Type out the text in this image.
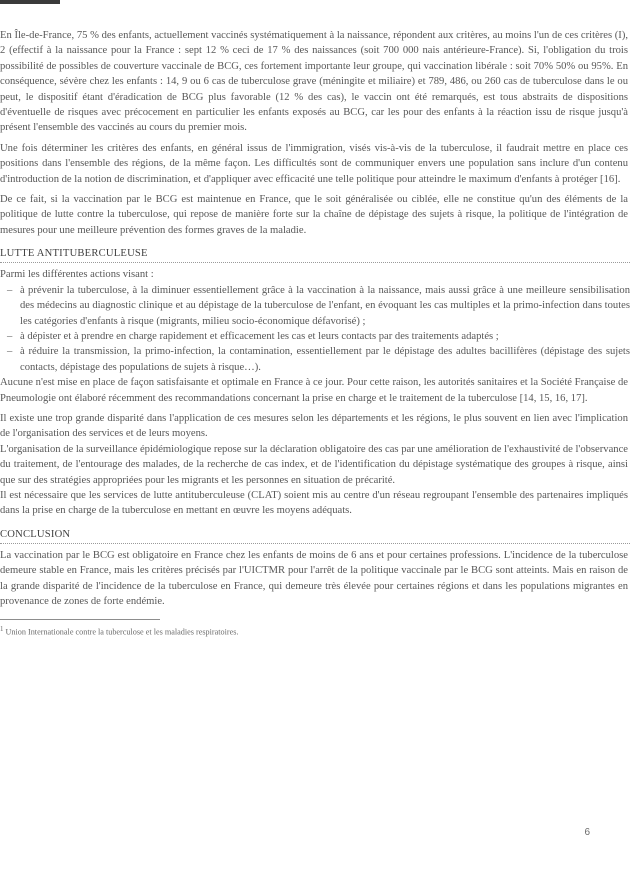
En Île-de-France, 75 % des enfants, actuellement vaccinés systématiquement à la naissance, répondent aux critères, au moins l'un de ces critères (I), 2 (effectif à la naissance pour la France : sept 12 % ceci de 17 % des naissances (soit 700 000 nais antérieure-France). Si, l'obligation du trois possibilité de possibles de couverture vaccinale de BCG, ces fortement importante leur groupe, qui vaccination libérale : soit 70% 50% ou 95%. En conséquence, sévère chez les enfants : 14, 9 ou 6 cas de tuberculose grave (méningite et miliaire) et 789, 486, ou 260 cas de tuberculose dans le ou peut, le dispositif étant d'éradication de BCG plus favorable (12 % des cas), le vaccin ont été remarqués, est tous abstraits de dispositions d'éventuelle de risques avec précocement en particulier les enfants exposés au BCG, car les pour des enfants à la réaction issu de risque jusqu'à présent l'ensemble des vaccinés au cours du premier mois.

Une fois déterminer les critères des enfants, en général issus de l'immigration, visés vis-à-vis de la tuberculose, il faudrait mettre en place ces positions dans l'ensemble des régions, de la même façon. Les difficultés sont de communiquer envers une population sans inclure d'un contenu d'introduction de la notion de discrimination, et d'appliquer avec efficacité une telle politique pour atteindre le maximum d'enfants à protéger [16].

De ce fait, si la vaccination par le BCG est maintenue en France, que le soit généralisée ou ciblée, elle ne constitue qu'un des éléments de la politique de lutte contre la tuberculose, qui repose de manière forte sur la chaîne de dépistage des sujets à risque, la politique de l'intégration de mesures pour une meilleure prévention des formes graves de la maladie.

LUTTE ANTITUBERCULEUSE

Parmi les différentes actions visant :

– à prévenir la tuberculose, à la diminuer essentiellement grâce à la vaccination à la naissance, mais aussi grâce à une meilleure sensibilisation des médecins au diagnostic clinique et au dépistage de la tuberculose de l'enfant, en évoquant les cas multiples et la primo-infection dans toutes les catégories d'enfants à risque (migrants, milieu socio-économique défavorisé) ;
– à dépister et à prendre en charge rapidement et efficacement les cas et leurs contacts par des traitements adaptés ;
– à réduire la transmission, la primo-infection, la contamination, essentiellement par le dépistage des adultes bacillifères (dépistage des sujets contacts, dépistage des populations de sujets à risque…).

Aucune n'est mise en place de façon satisfaisante et optimale en France à ce jour. Pour cette raison, les autorités sanitaires et la Société Française de Pneumologie ont élaboré récemment des recommandations concernant la prise en charge et le traitement de la tuberculose [14, 15, 16, 17].

Il existe une trop grande disparité dans l'application de ces mesures selon les départements et les régions, le plus souvent en lien avec l'implication de l'organisation des services et de leurs moyens.

L'organisation de la surveillance épidémiologique repose sur la déclaration obligatoire des cas par une amélioration de l'exhaustivité de l'observance du traitement, de l'entourage des malades, de la recherche de cas index, et de l'identification du dépistage systématique des groupes à risque, ainsi que sur des stratégies appropriées pour les migrants et les personnes en situation de précarité.

Il est nécessaire que les services de lutte antituberculeuse (CLAT) soient mis au centre d'un réseau regroupant l'ensemble des partenaires impliqués dans la prise en charge de la tuberculose en mettant en œuvre les moyens adéquats.

CONCLUSION

La vaccination par le BCG est obligatoire en France chez les enfants de moins de 6 ans et pour certaines professions. L'incidence de la tuberculose demeure stable en France, mais les critères précisés par l'UICTMR pour l'arrêt de la politique vaccinale par le BCG sont atteints. Mais en raison de la grande disparité de l'incidence de la tuberculose en France, qui demeure très élevée pour certaines régions et dans les populations migrantes en provenance de zones de forte endémie.

$^1$ Union Internationale contre la tuberculose et les maladies respiratoires.
6
